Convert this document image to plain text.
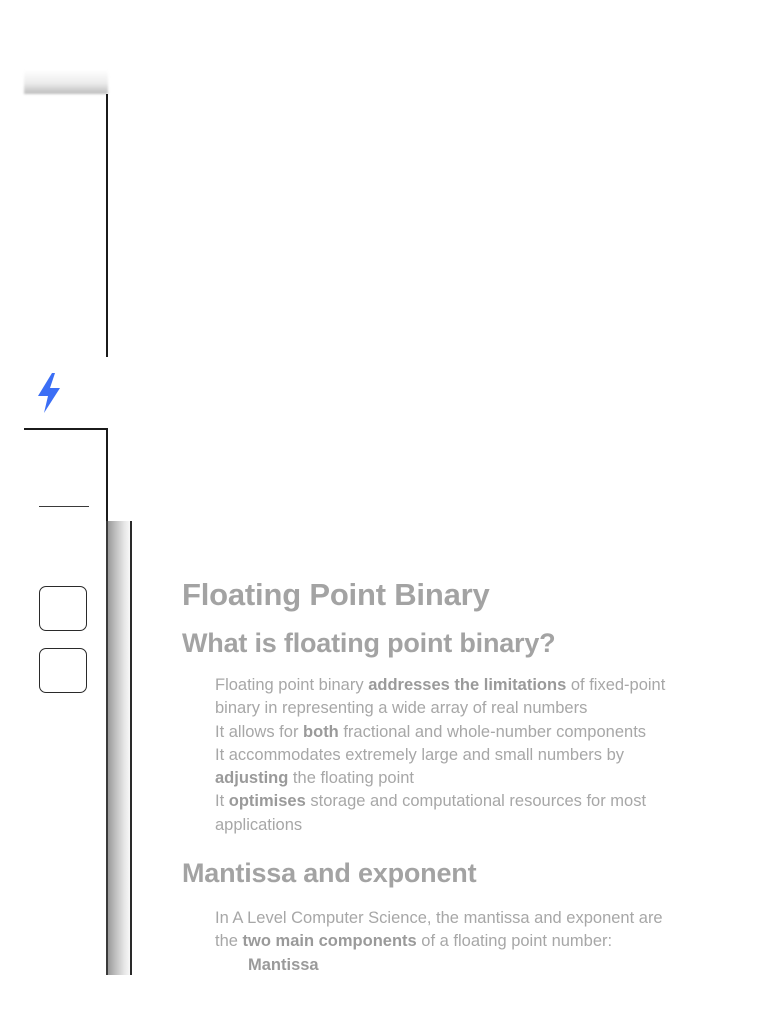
Floating Point Binary
What is floating point binary?

Floating point binary addresses the limitations of fixed-point

binary in representing a wide array of real numbers

It allows for both fractional and whole-number components

It accommodates extremely large and small numbers by

adjusting the floating point

It optimises storage and computational resources for most

applications

Mantissa and exponent

In A Level Computer Science, the mantissa and exponent are

the two main components of a floating point number:

Mantissa
